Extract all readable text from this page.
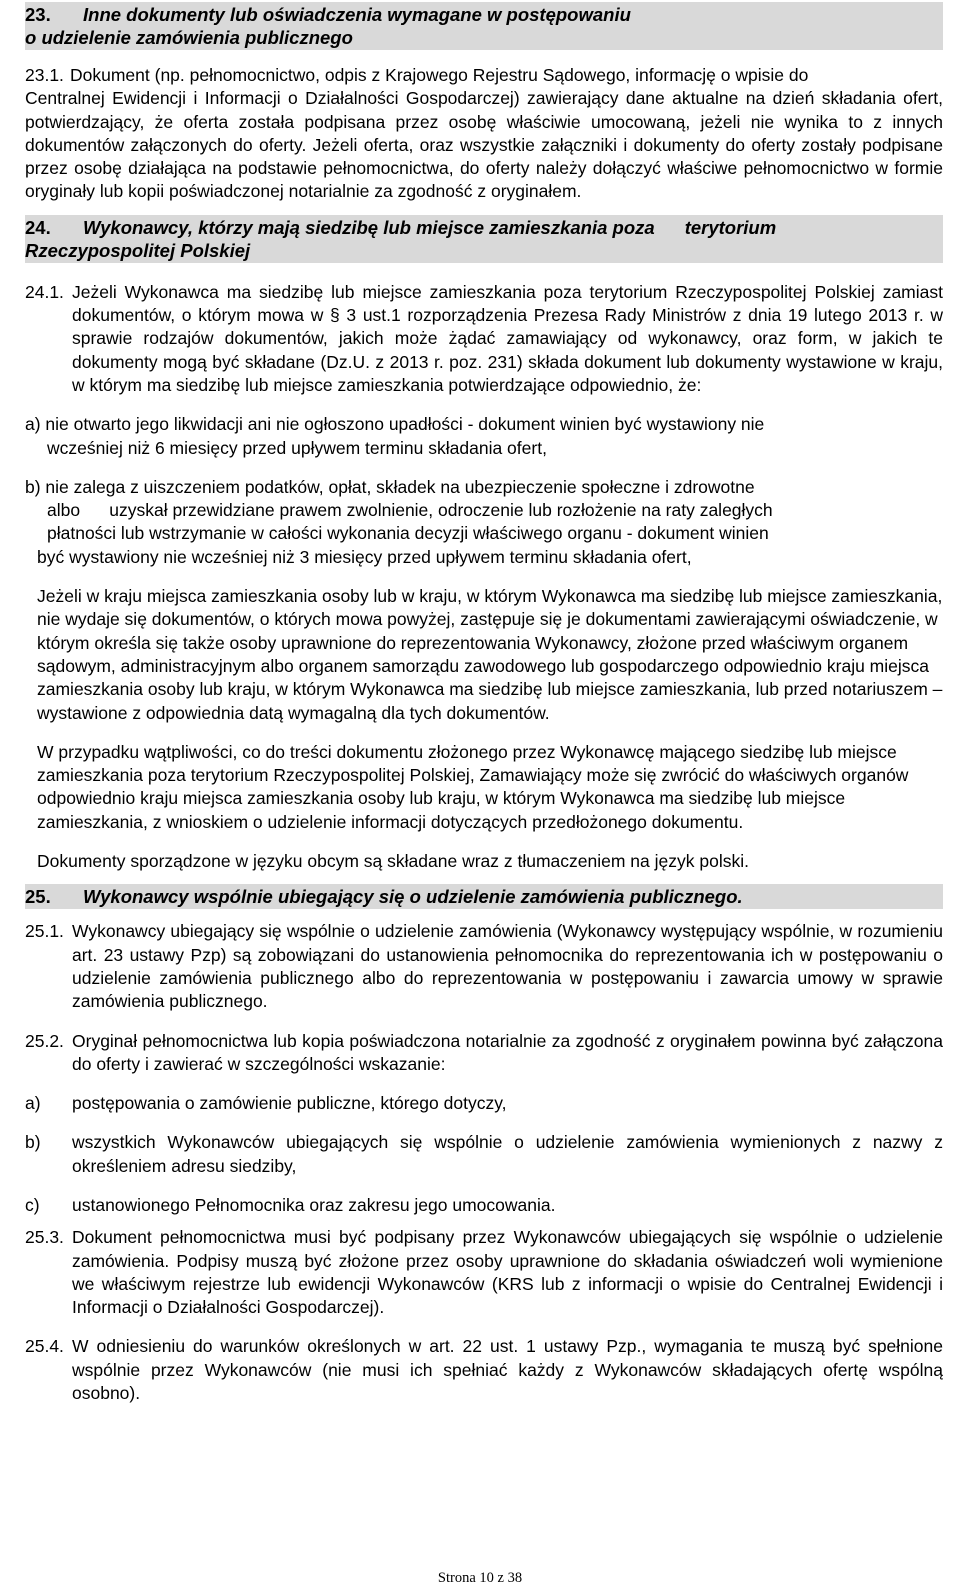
23. Inne dokumenty lub oświadczenia wymagane w postępowaniu
o udzielenie zamówienia publicznego
23.1. Dokument (np. pełnomocnictwo, odpis z Krajowego Rejestru Sądowego, informację o wpisie do
Centralnej Ewidencji i Informacji o Działalności Gospodarczej) zawierający dane aktualne na dzień składania ofert, potwierdzający, że oferta została podpisana przez osobę właściwie umocowaną, jeżeli nie wynika to z innych dokumentów załączonych do oferty. Jeżeli oferta, oraz wszystkie załączniki i dokumenty do oferty zostały podpisane przez osobę działająca na podstawie pełnomocnictwa, do oferty należy dołączyć właściwe pełnomocnictwo w formie oryginały lub kopii poświadczonej notarialnie za zgodność z oryginałem.
24.	Wykonawcy, którzy mają siedzibę lub miejsce zamieszkania poza terytorium
Rzeczypospolitej Polskiej
24.1. Jeżeli Wykonawca ma siedzibę lub miejsce zamieszkania poza terytorium Rzeczypospolitej Polskiej zamiast dokumentów, o którym mowa w § 3 ust.1 rozporządzenia Prezesa Rady Ministrów z dnia 19 lutego 2013 r. w sprawie rodzajów dokumentów, jakich może żądać zamawiający od wykonawcy, oraz form, w jakich te dokumenty mogą być składane (Dz.U. z 2013 r. poz. 231) składa dokument lub dokumenty wystawione w kraju, w którym ma siedzibę lub miejsce zamieszkania potwierdzające odpowiednio, że:
a) nie otwarto jego likwidacji ani nie ogłoszono upadłości - dokument winien być wystawiony nie
wcześniej niż 6 miesięcy przed upływem terminu składania ofert,
b) nie zalega z uiszczeniem podatków, opłat, składek na ubezpieczenie społeczne i zdrowotne
albo      uzyskał przewidziane prawem zwolnienie, odroczenie lub rozłożenie na raty zaległych
płatności lub wstrzymanie w całości wykonania decyzji właściwego organu - dokument winien
być wystawiony nie wcześniej niż 3 miesięcy przed upływem terminu składania ofert,
Jeżeli w kraju miejsca zamieszkania osoby lub w kraju, w którym Wykonawca ma siedzibę lub miejsce zamieszkania, nie wydaje się dokumentów, o których mowa powyżej, zastępuje się je dokumentami zawierającymi oświadczenie, w którym określa się także osoby uprawnione do reprezentowania Wykonawcy, złożone przed właściwym organem sądowym, administracyjnym albo organem samorządu zawodowego lub gospodarczego odpowiednio kraju miejsca zamieszkania osoby lub kraju, w którym Wykonawca ma siedzibę lub miejsce zamieszkania, lub przed notariuszem – wystawione z odpowiednia datą wymagalną dla tych dokumentów.
W przypadku wątpliwości, co do treści dokumentu złożonego przez Wykonawcę mającego siedzibę lub miejsce zamieszkania poza terytorium Rzeczypospolitej Polskiej, Zamawiający może się zwrócić do właściwych organów odpowiednio kraju miejsca zamieszkania osoby lub kraju, w którym Wykonawca ma siedzibę lub miejsce zamieszkania, z wnioskiem o udzielenie informacji dotyczących przedłożonego dokumentu.
Dokumenty sporządzone w języku obcym są składane wraz z tłumaczeniem na język polski.
25. Wykonawcy wspólnie ubiegający się o udzielenie zamówienia publicznego.
25.1. Wykonawcy ubiegający się wspólnie o udzielenie zamówienia (Wykonawcy występujący wspólnie, w rozumieniu art. 23 ustawy Pzp) są zobowiązani do ustanowienia pełnomocnika do reprezentowania ich w postępowaniu o udzielenie zamówienia publicznego albo do reprezentowania w postępowaniu i zawarcia umowy w sprawie zamówienia publicznego.
25.2. Oryginał pełnomocnictwa lub kopia poświadczona notarialnie za zgodność z oryginałem powinna być załączona do oferty i zawierać w szczególności wskazanie:
a)	postępowania o zamówienie publiczne, którego dotyczy,
b)	wszystkich Wykonawców ubiegających się wspólnie o udzielenie zamówienia wymienionych z nazwy z określeniem adresu siedziby,
c)	ustanowionego Pełnomocnika oraz zakresu jego umocowania.
25.3. Dokument pełnomocnictwa musi być podpisany przez Wykonawców ubiegających się wspólnie o udzielenie zamówienia. Podpisy muszą być złożone przez osoby uprawnione do składania oświadczeń woli wymienione we właściwym rejestrze lub ewidencji Wykonawców (KRS lub z informacji o wpisie do Centralnej Ewidencji i Informacji o Działalności Gospodarczej).
25.4. W odniesieniu do warunków określonych w art. 22 ust. 1 ustawy Pzp., wymagania te muszą być spełnione wspólnie przez Wykonawców (nie musi ich spełniać każdy z Wykonawców składających ofertę wspólną osobno).
Strona 10 z 38
